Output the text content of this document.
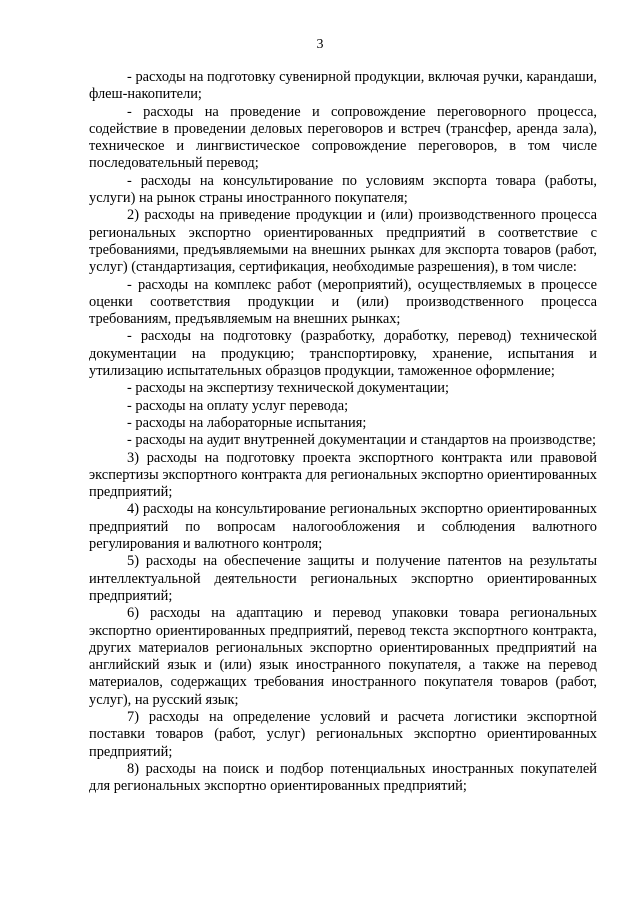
3

- расходы на подготовку сувенирной продукции, включая ручки, карандаши, флеш-накопители;

- расходы на проведение и сопровождение переговорного процесса, содействие в проведении деловых переговоров и встреч (трансфер, аренда зала), техническое и лингвистическое сопровождение переговоров, в том числе последовательный перевод;

- расходы на консультирование по условиям экспорта товара (работы, услуги) на рынок страны иностранного покупателя;

2) расходы на приведение продукции и (или) производственного процесса региональных экспортно ориентированных предприятий в соответствие с требованиями, предъявляемыми на внешних рынках для экспорта товаров (работ, услуг) (стандартизация, сертификация, необходимые разрешения), в том числе:

- расходы на комплекс работ (мероприятий), осуществляемых в процессе оценки соответствия продукции и (или) производственного процесса требованиям, предъявляемым на внешних рынках;

- расходы на подготовку (разработку, доработку, перевод) технической документации на продукцию; транспортировку, хранение, испытания и утилизацию испытательных образцов продукции, таможенное оформление;

- расходы на экспертизу технической документации;

- расходы на оплату услуг перевода;

- расходы на лабораторные испытания;

- расходы на аудит внутренней документации и стандартов на производстве;

3) расходы на подготовку проекта экспортного контракта или правовой экспертизы экспортного контракта для региональных экспортно ориентированных предприятий;

4) расходы на консультирование региональных экспортно ориентированных предприятий по вопросам налогообложения и соблюдения валютного регулирования и валютного контроля;

5) расходы на обеспечение защиты и получение патентов на результаты интеллектуальной деятельности региональных экспортно ориентированных предприятий;

6) расходы на адаптацию и перевод упаковки товара региональных экспортно ориентированных предприятий, перевод текста экспортного контракта, других материалов региональных экспортно ориентированных предприятий на английский язык и (или) язык иностранного покупателя, а также на перевод материалов, содержащих требования иностранного покупателя товаров (работ, услуг), на русский язык;

7) расходы на определение условий и расчета логистики экспортной поставки товаров (работ, услуг) региональных экспортно ориентированных предприятий;

8) расходы на поиск и подбор потенциальных иностранных покупателей для региональных экспортно ориентированных предприятий;
